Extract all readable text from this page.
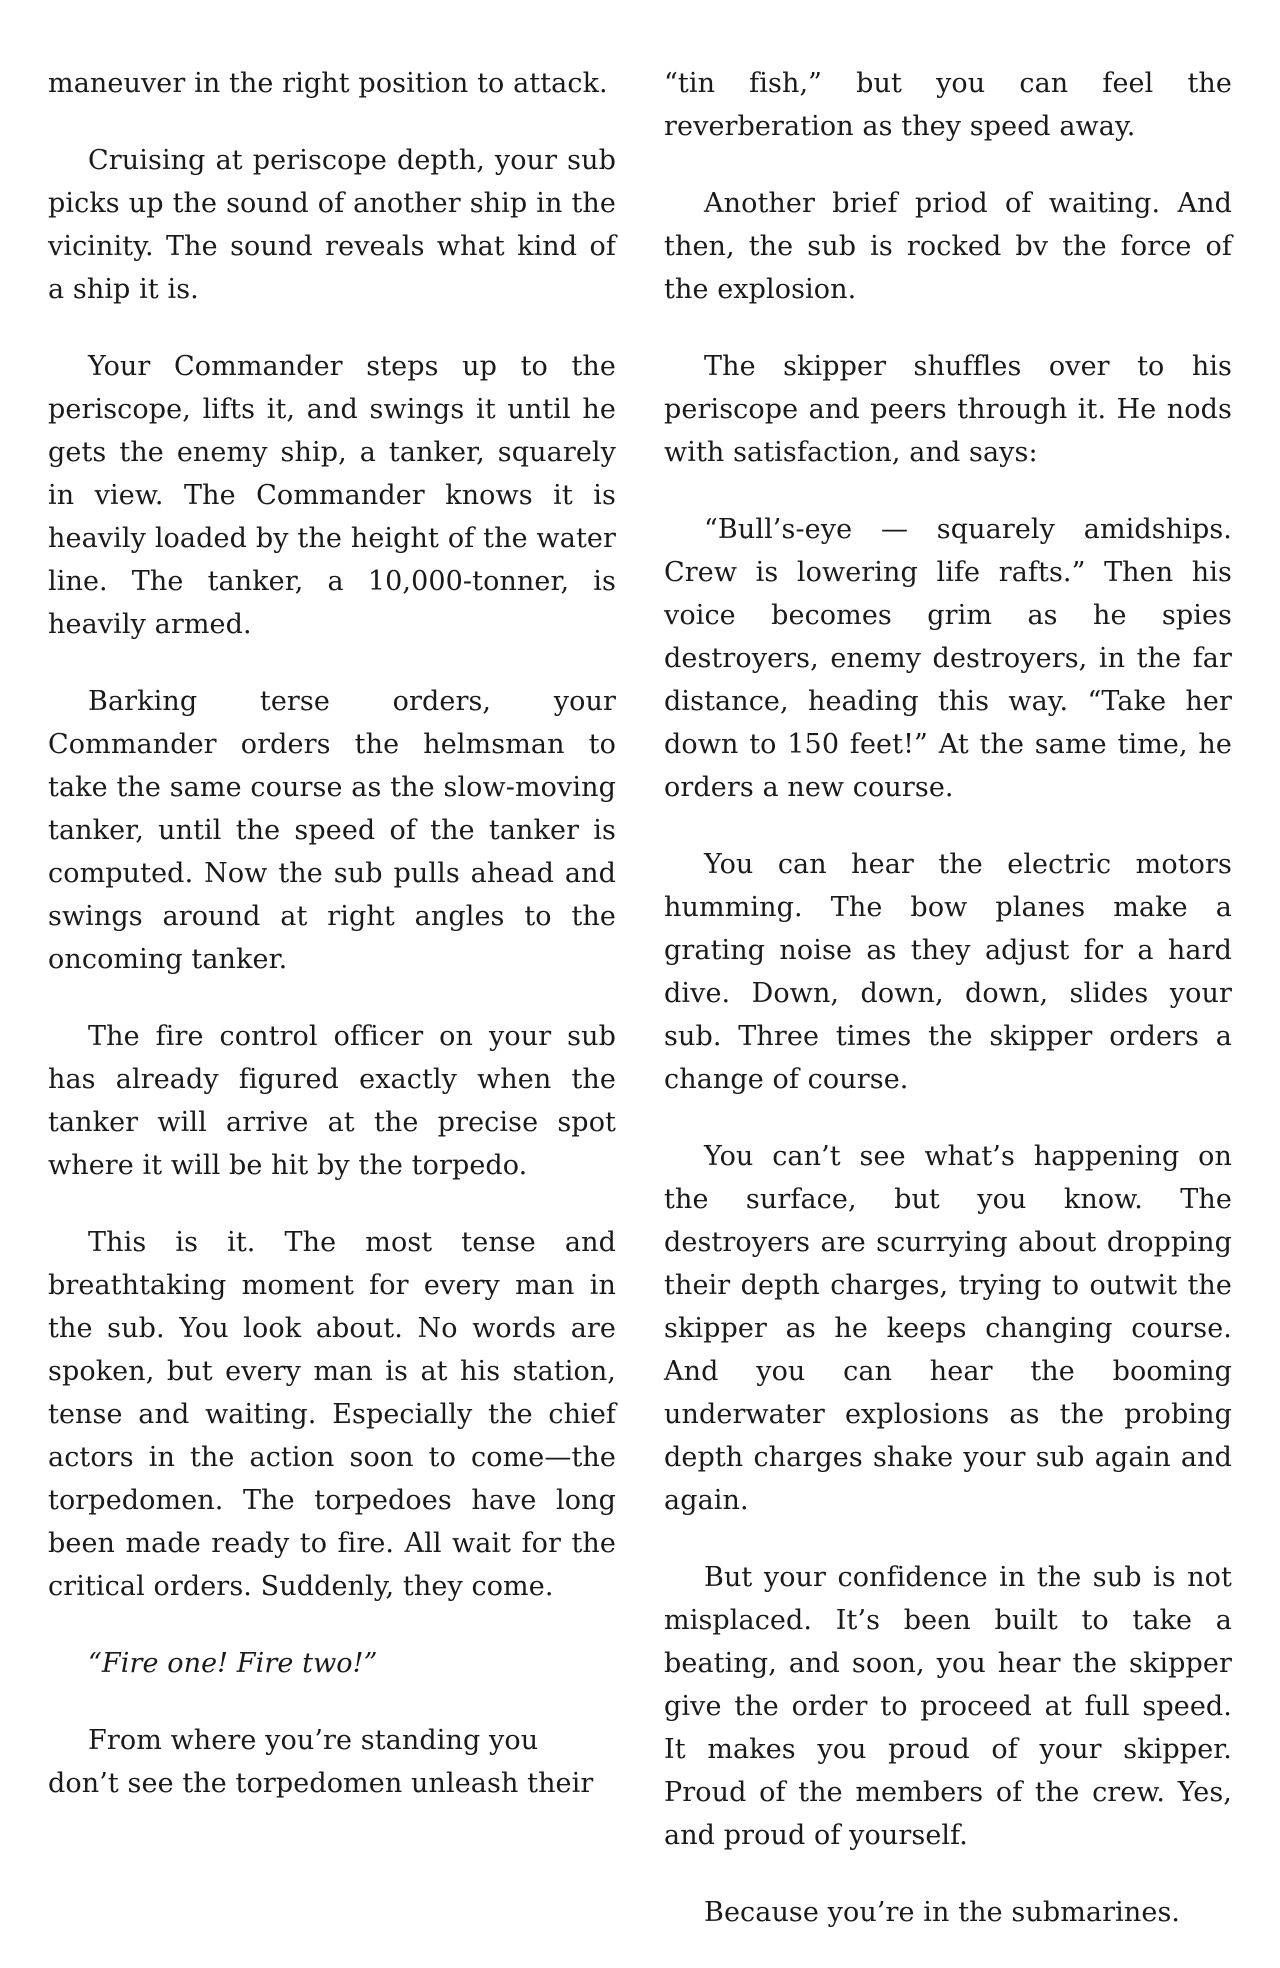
maneuver in the right position to attack.

Cruising at periscope depth, your sub picks up the sound of another ship in the vicinity. The sound reveals what kind of a ship it is.

Your Commander steps up to the periscope, lifts it, and swings it until he gets the enemy ship, a tanker, squarely in view. The Commander knows it is heavily loaded by the height of the water line. The tanker, a 10,000-tonner, is heavily armed.

Barking terse orders, your Commander orders the helmsman to take the same course as the slow-moving tanker, until the speed of the tanker is computed. Now the sub pulls ahead and swings around at right angles to the oncoming tanker.

The fire control officer on your sub has already figured exactly when the tanker will arrive at the precise spot where it will be hit by the torpedo.

This is it. The most tense and breathtaking moment for every man in the sub. You look about. No words are spoken, but every man is at his station, tense and waiting. Especially the chief actors in the action soon to come—the torpedomen. The torpedoes have long been made ready to fire. All wait for the critical orders. Suddenly, they come.

“Fire one! Fire two!”

From where you’re standing you don’t see the torpedomen unleash their

“tin fish,” but you can feel the reverberation as they speed away.

Another brief priod of waiting. And then, the sub is rocked bv the force of the explosion.

The skipper shuffles over to his periscope and peers through it. He nods with satisfaction, and says:

“Bull’s-eye — squarely amidships. Crew is lowering life rafts.” Then his voice becomes grim as he spies destroyers, enemy destroyers, in the far distance, heading this way. “Take her down to 150 feet!” At the same time, he orders a new course.

You can hear the electric motors humming. The bow planes make a grating noise as they adjust for a hard dive. Down, down, down, slides your sub. Three times the skipper orders a change of course.

You can’t see what’s happening on the surface, but you know. The destroyers are scurrying about dropping their depth charges, trying to outwit the skipper as he keeps changing course. And you can hear the booming underwater explosions as the probing depth charges shake your sub again and again.

But your confidence in the sub is not misplaced. It’s been built to take a beating, and soon, you hear the skipper give the order to proceed at full speed. It makes you proud of your skipper. Proud of the members of the crew. Yes, and proud of yourself.

Because you’re in the submarines.
